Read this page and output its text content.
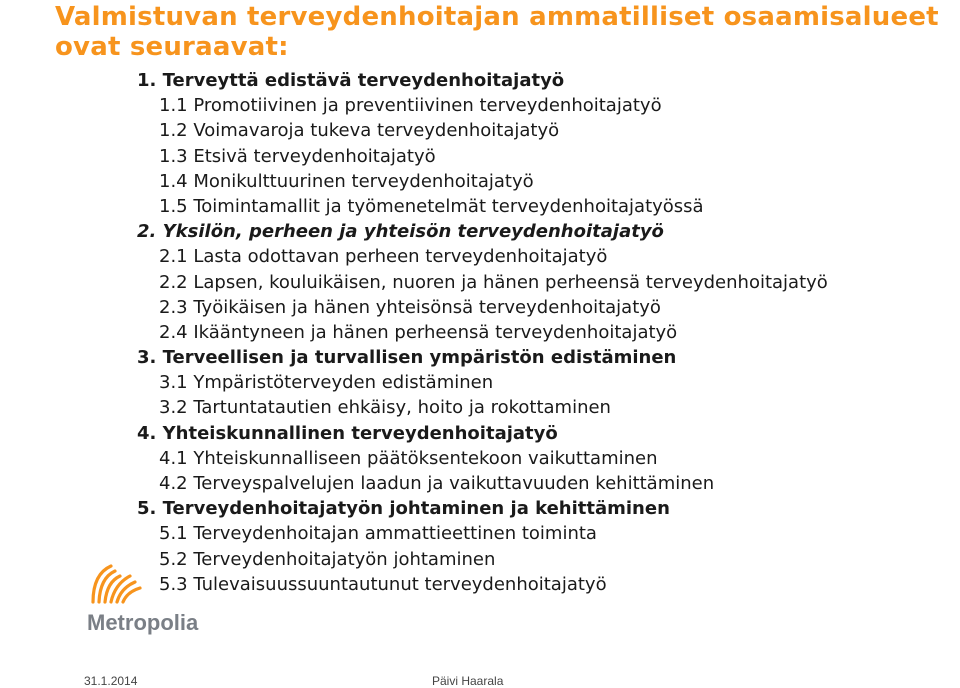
Valmistuvan terveydenhoitajan ammatilliset osaamisalueet ovat seuraavat:
1. Terveyttä edistävä terveydenhoitajatyö
1.1 Promotiivinen ja preventiivinen terveydenhoitajatyö
1.2 Voimavaroja tukeva terveydenhoitajatyö
1.3 Etsivä terveydenhoitajatyö
1.4 Monikulttuurinen terveydenhoitajatyö
1.5 Toimintamallit ja työmenetelmät terveydenhoitajatyössä
2. Yksilön, perheen ja yhteisön terveydenhoitajatyö
2.1 Lasta odottavan perheen terveydenhoitajatyö
2.2 Lapsen, kouluikäisen, nuoren ja hänen perheensä terveydenhoitajatyö
2.3 Työikäisen ja hänen yhteisönsä terveydenhoitajatyö
2.4 Ikääntyneen ja hänen perheensä terveydenhoitajatyö
3. Terveellisen ja turvallisen ympäristön edistäminen
3.1 Ympäristöterveyden edistäminen
3.2 Tartuntatautien ehkäisy, hoito ja rokottaminen
4. Yhteiskunnallinen terveydenhoitajatyö
4.1 Yhteiskunnalliseen päätöksentekoon vaikuttaminen
4.2 Terveyspalvelujen laadun ja vaikuttavuuden kehittäminen
5. Terveydenhoitajatyön johtaminen ja kehittäminen
5.1 Terveydenhoitajan ammattieettinen toiminta
5.2 Terveydenhoitajatyön johtaminen
5.3 Tulevaisuussuuntautunut terveydenhoitajatyö
Metropolia
31.1.2014	Päivi Haarala
